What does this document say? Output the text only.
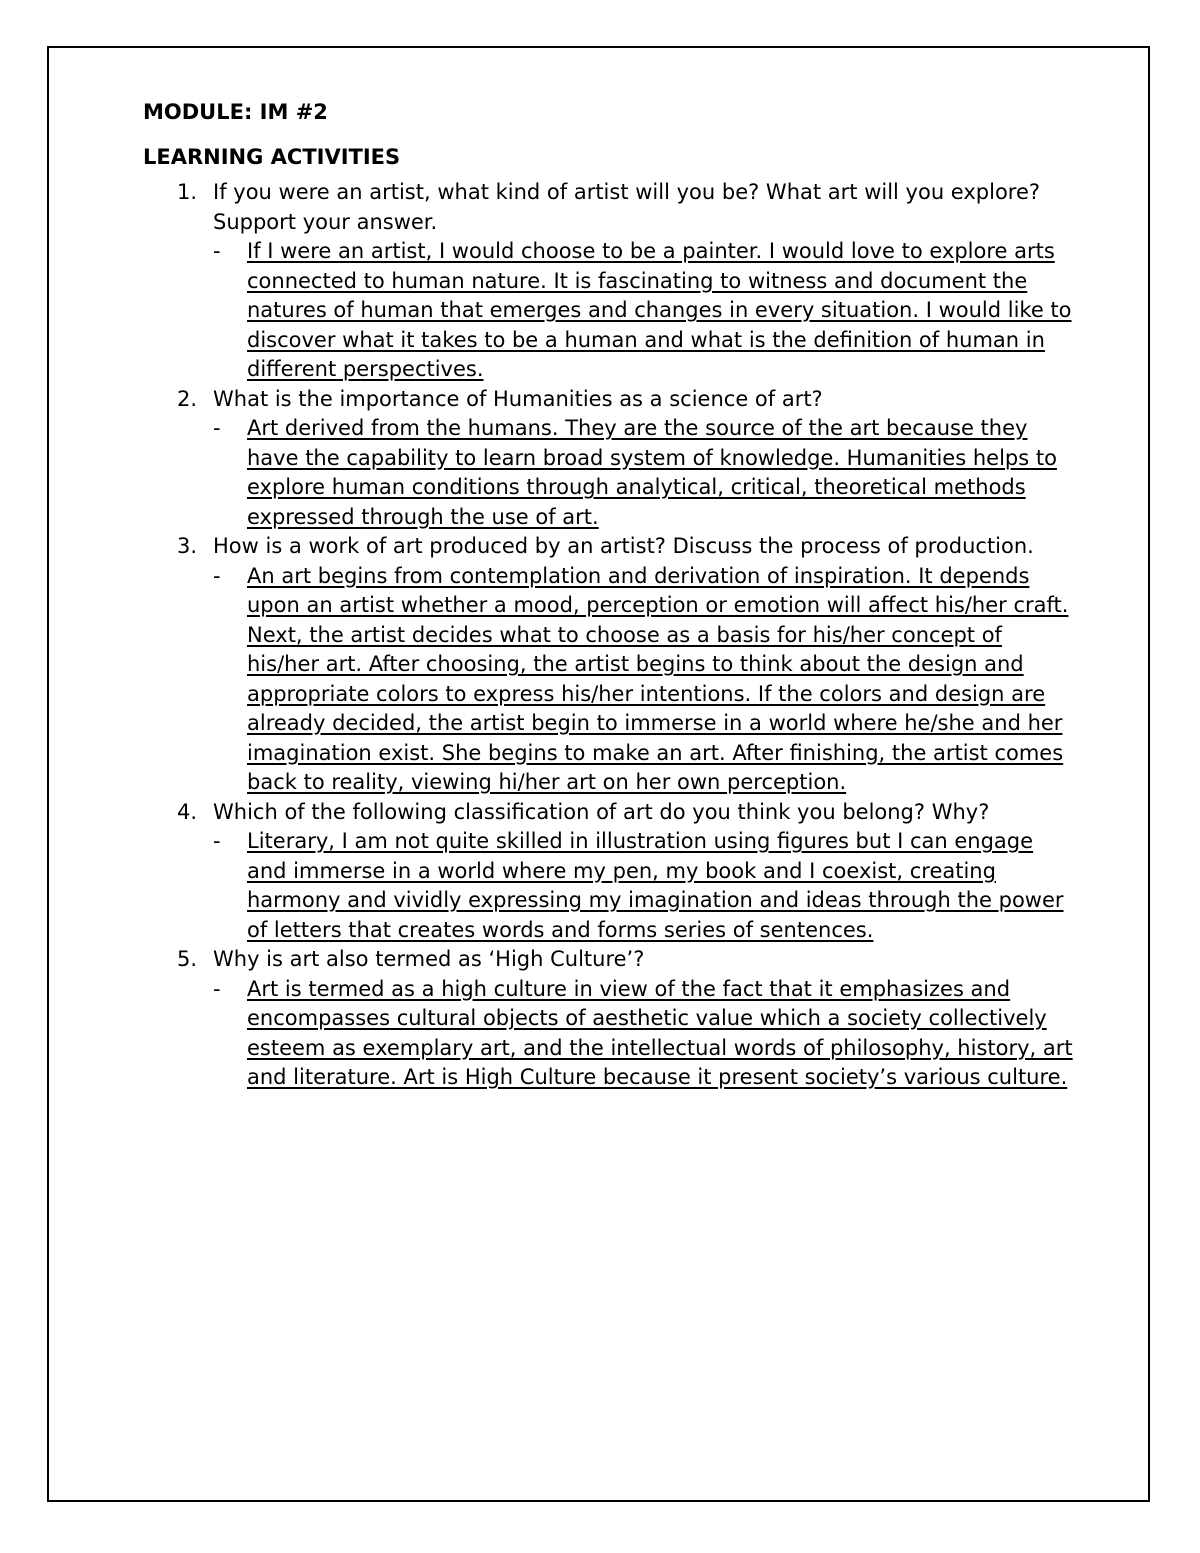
MODULE: IM #2
LEARNING ACTIVITIES
1. If you were an artist, what kind of artist will you be? What art will you explore? Support your answer.
- If I were an artist, I would choose to be a painter. I would love to explore arts connected to human nature. It is fascinating to witness and document the natures of human that emerges and changes in every situation. I would like to discover what it takes to be a human and what is the definition of human in different perspectives.
2. What is the importance of Humanities as a science of art?
- Art derived from the humans. They are the source of the art because they have the capability to learn broad system of knowledge. Humanities helps to explore human conditions through analytical, critical, theoretical methods expressed through the use of art.
3. How is a work of art produced by an artist? Discuss the process of production.
- An art begins from contemplation and derivation of inspiration. It depends upon an artist whether a mood, perception or emotion will affect his/her craft. Next, the artist decides what to choose as a basis for his/her concept of his/her art. After choosing, the artist begins to think about the design and appropriate colors to express his/her intentions. If the colors and design are already decided, the artist begin to immerse in a world where he/she and her imagination exist. She begins to make an art. After finishing, the artist comes back to reality, viewing hi/her art on her own perception.
4. Which of the following classification of art do you think you belong? Why?
- Literary, I am not quite skilled in illustration using figures but I can engage and immerse in a world where my pen, my book and I coexist, creating harmony and vividly expressing my imagination and ideas through the power of letters that creates words and forms series of sentences.
5. Why is art also termed as ‘High Culture’?
- Art is termed as a high culture in view of the fact that it emphasizes and encompasses cultural objects of aesthetic value which a society collectively esteem as exemplary art, and the intellectual words of philosophy, history, art and literature. Art is High Culture because it present society’s various culture.
